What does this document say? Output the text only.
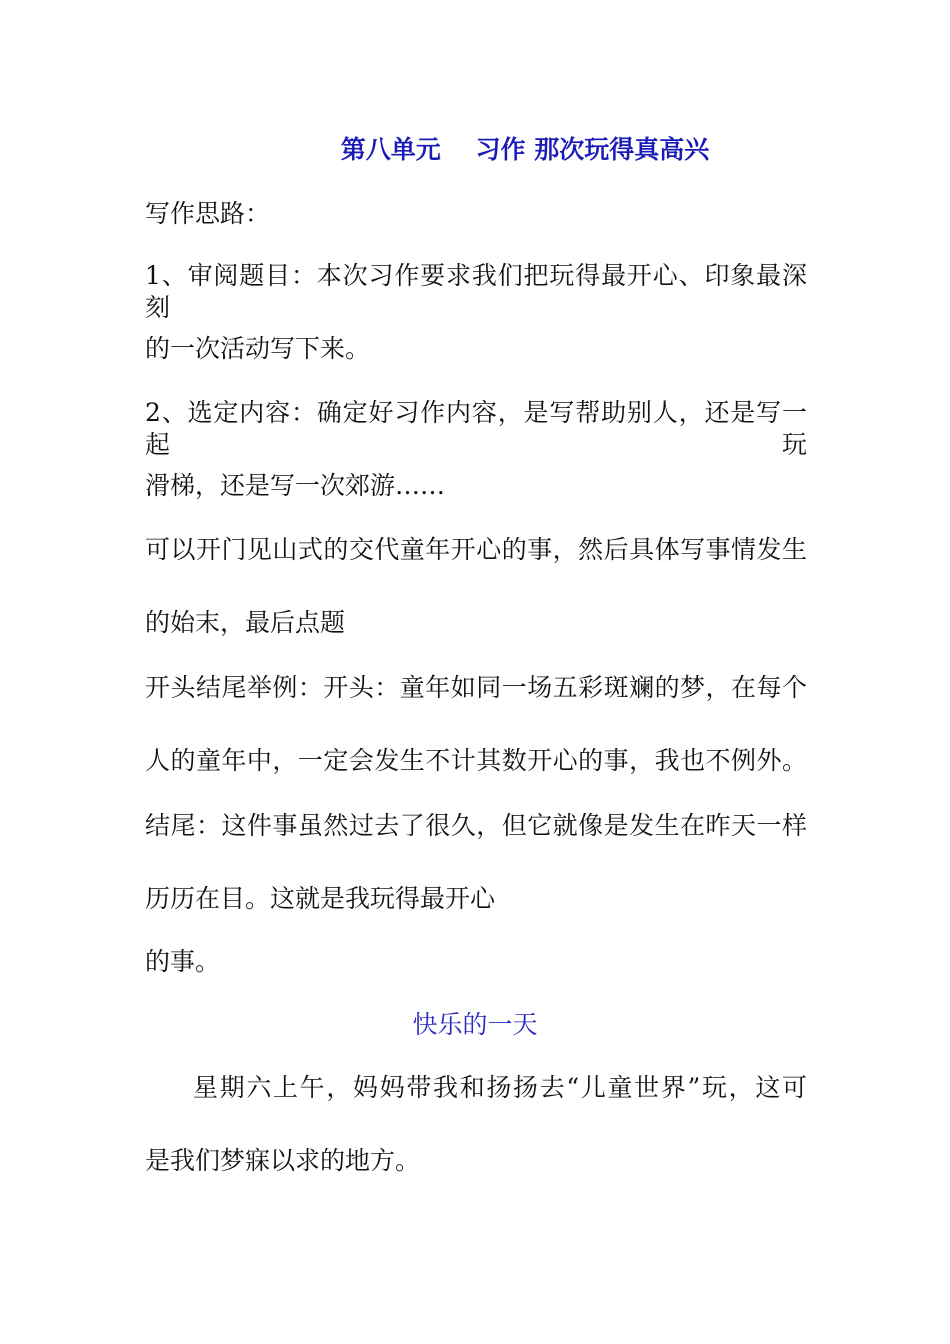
第八单元    习作 那次玩得真高兴
写作思路：
1、审阅题目：本次习作要求我们把玩得最开心、印象最深刻
的一次活动写下来。
2、选定内容：确定好习作内容，是写帮助别人，还是写一起玩
滑梯，还是写一次郊游……
可以开门见山式的交代童年开心的事，然后具体写事情发生
的始末，最后点题
开头结尾举例：开头：童年如同一场五彩斑斓的梦，在每个
人的童年中，一定会发生不计其数开心的事，我也不例外。
结尾：这件事虽然过去了很久，但它就像是发生在昨天一样
历历在目。这就是我玩得最开心
的事。
快乐的一天
星期六上午，妈妈带我和扬扬去“儿童世界”玩，这可
是我们梦寐以求的地方。
